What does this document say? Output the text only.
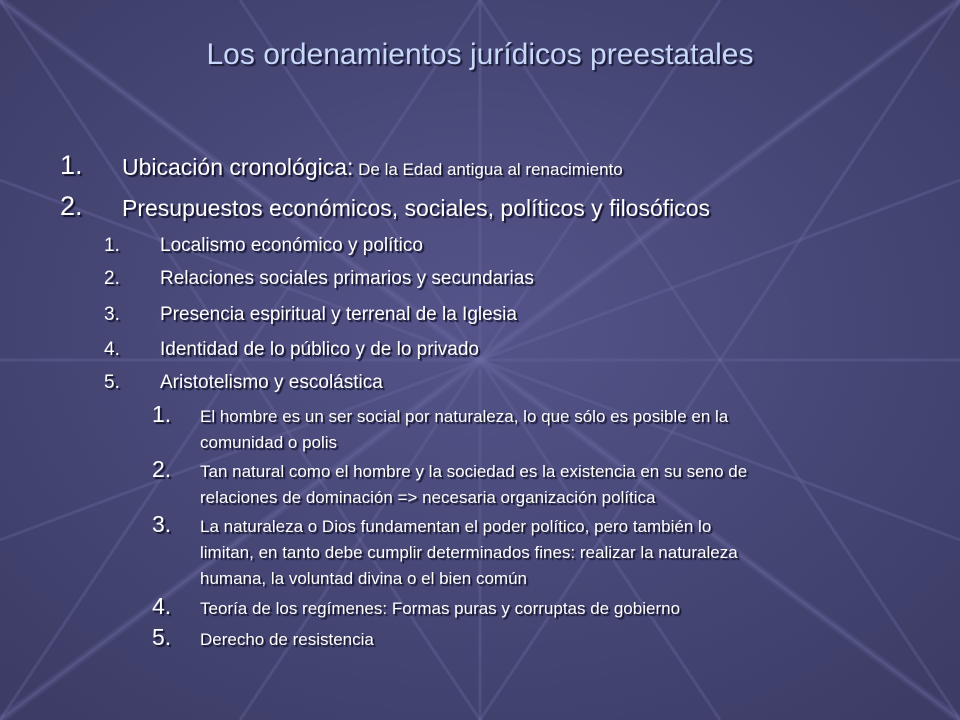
Los ordenamientos jurídicos preestatales
1. Ubicación cronológica: De la Edad antigua al renacimiento
2. Presupuestos económicos, sociales, políticos y filosóficos
1. Localismo económico y político
2. Relaciones sociales primarios y secundarias
3. Presencia espiritual y terrenal de la Iglesia
4. Identidad de lo público y de lo privado
5. Aristotelismo y escolástica
1. El hombre es un ser social por naturaleza, lo que sólo es posible en la
comunidad o polis
2. Tan natural como el hombre y la sociedad es la existencia en su seno de
relaciones de dominación => necesaria organización política
3. La naturaleza o Dios fundamentan el poder político, pero también lo
limitan, en tanto debe cumplir determinados fines: realizar la naturaleza
humana, la voluntad divina o el bien común
4. Teoría de los regímenes: Formas puras y corruptas de gobierno
5. Derecho de resistencia
